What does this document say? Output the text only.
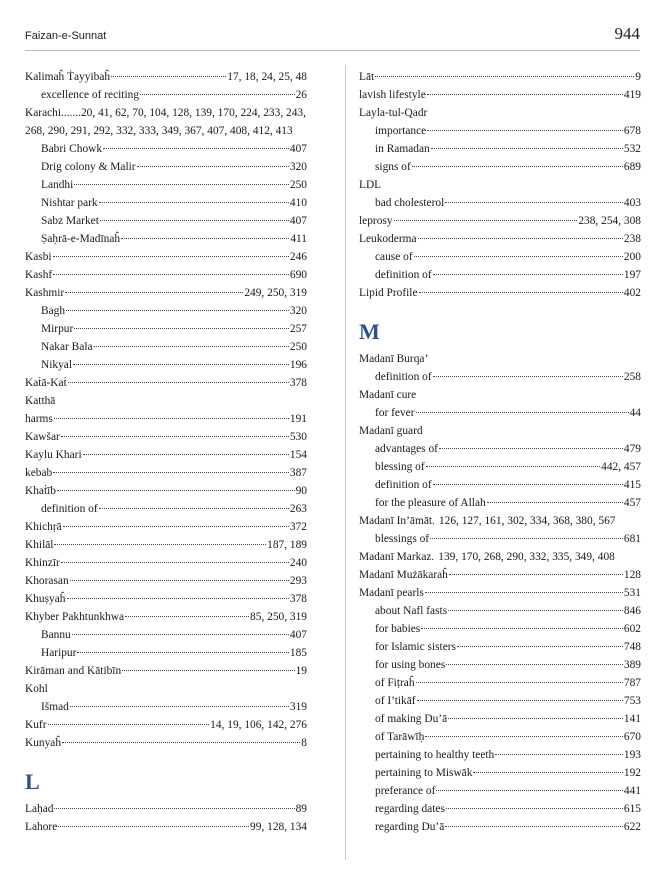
Faizan-e-Sunnat	944
Kalimaĥ Ṫayyibaĥ	17, 18, 24, 25, 48
excellence of reciting	26
Karachi.......20, 41, 62, 70, 104, 128, 139, 170, 224, 233, 243, 268, 290, 291, 292, 332, 333, 349, 367, 407, 408, 412, 413
Babri Chowk	407
Drig colony & Malir	320
Landhi	250
Nishtar park	410
Sabz Market	407
Ṣaḥrā-e-Madīnaĥ	411
Kasbi	246
Kashf	690
Kashmir	249, 250, 319
Bagh	320
Mirpur	257
Nakar Bala	250
Nikyal	196
Kaṫā-Kaṫ	378
Katthā
harms	191
Kawšar	530
Kaylu Khari	154
kebab	387
Khaṫīb	90
definition of	263
Khichṛā	372
Khilāl	187, 189
Khinzīr	240
Khorasan	293
Khuṣyaĥ	378
Khyber Pakhtunkhwa	85, 250, 319
Bannu	407
Haripur	185
Kirāman and Kātibīn	19
Kohl
Išmad	319
Kufr	14, 19, 106, 142, 276
Kunyaĥ	8
L
Laḥad	89
Lahore	99, 128, 134
Lāt	9
lavish lifestyle	419
Layla-tul-Qadr
importance	678
in Ramadan	532
signs of	689
LDL
bad cholesterol	403
leprosy	238, 254, 308
Leukoderma	238
cause of	200
definition of	197
Lipid Profile	402
M
Madanī Burqa’
definition of	258
Madanī cure
for fever	44
Madanī guard
advantages of	479
blessing of	442, 457
definition of	415
for the pleasure of Allah	457
Madanī In’āmāt. 126, 127, 161, 302, 334, 368, 380, 567
blessings of	681
Madanī Markaz. 139, 170, 268, 290, 332, 335, 349, 408
Madanī Mużākaraĥ	128
Madanī pearls	531
about Nafl fasts	846
for babies	602
for Islamic sisters	748
for using bones	389
of Fiṭraĥ	787
of I’tikāf	753
of making Du’ā	141
of Tarāwīḥ	670
pertaining to healthy teeth	193
pertaining to Miswāk	192
preferance of	441
regarding dates	615
regarding Du’ā	622
